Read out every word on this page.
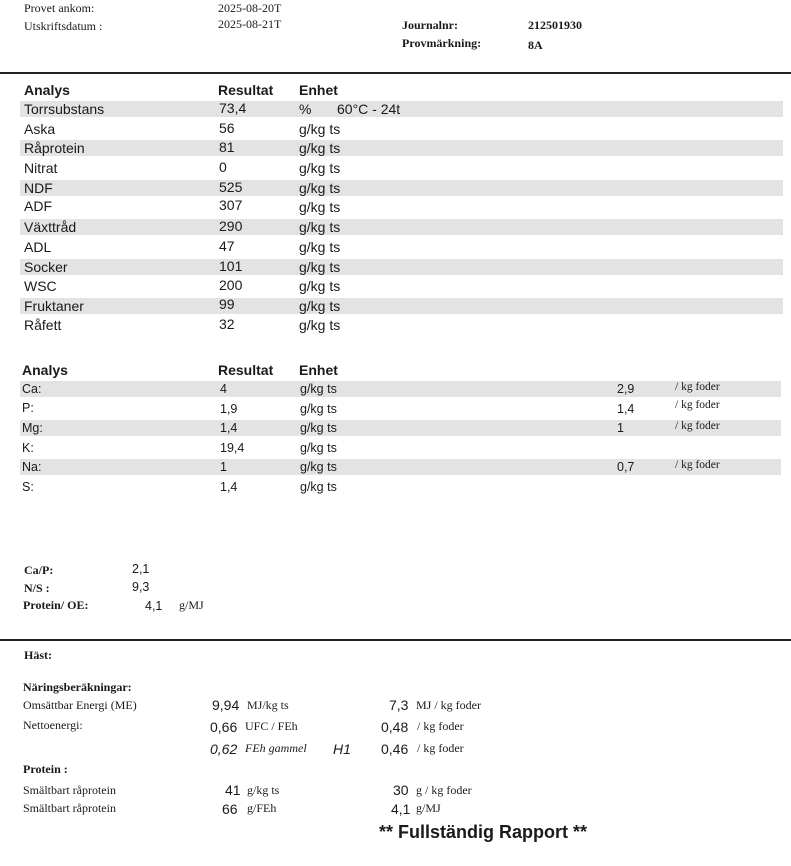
Provet ankom:	2025-08-20T
Utskriftsdatum :	2025-08-21T	Journalnr:	212501930
Provmärkning:	8A
Analys	Resultat Enhet
Torrsubstans	73,4	% 60°C - 24t
Aska	56	g/kg ts
Råprotein	81	g/kg ts
Nitrat	0	g/kg ts
NDF	525	g/kg ts
ADF	307	g/kg ts
Växttråd	290	g/kg ts
ADL	47	g/kg ts
Socker	101	g/kg ts
WSC	200	g/kg ts
Fruktaner	99	g/kg ts
Råfett	32	g/kg ts
Analys	Resultat Enhet
Ca:	4	g/kg ts	2,9	/ kg foder
P:	1,9	g/kg ts	1,4	/ kg foder
Mg:	1,4	g/kg ts	1	/ kg foder
K:	19,4	g/kg ts
Na:	1	g/kg ts	0,7	/ kg foder
S:	1,4	g/kg ts
Ca/P:	2,1
N/S :	9,3
Protein/ OE:	4,1 g/MJ
Häst:
Näringsberäkningar:
Omsättbar Energi (ME)	9,94 MJ/kg ts	7,3 MJ / kg foder
Nettoenergi:	0,66 UFC / FEh	0,48 / kg foder
0,62 FEh gammel H1 0,46 / kg foder
Protein :
Smältbart råprotein	41 g/kg ts	30 g / kg foder
Smältbart råprotein	66 g/FEh	4,1 g/MJ
** Fullständig Rapport **
